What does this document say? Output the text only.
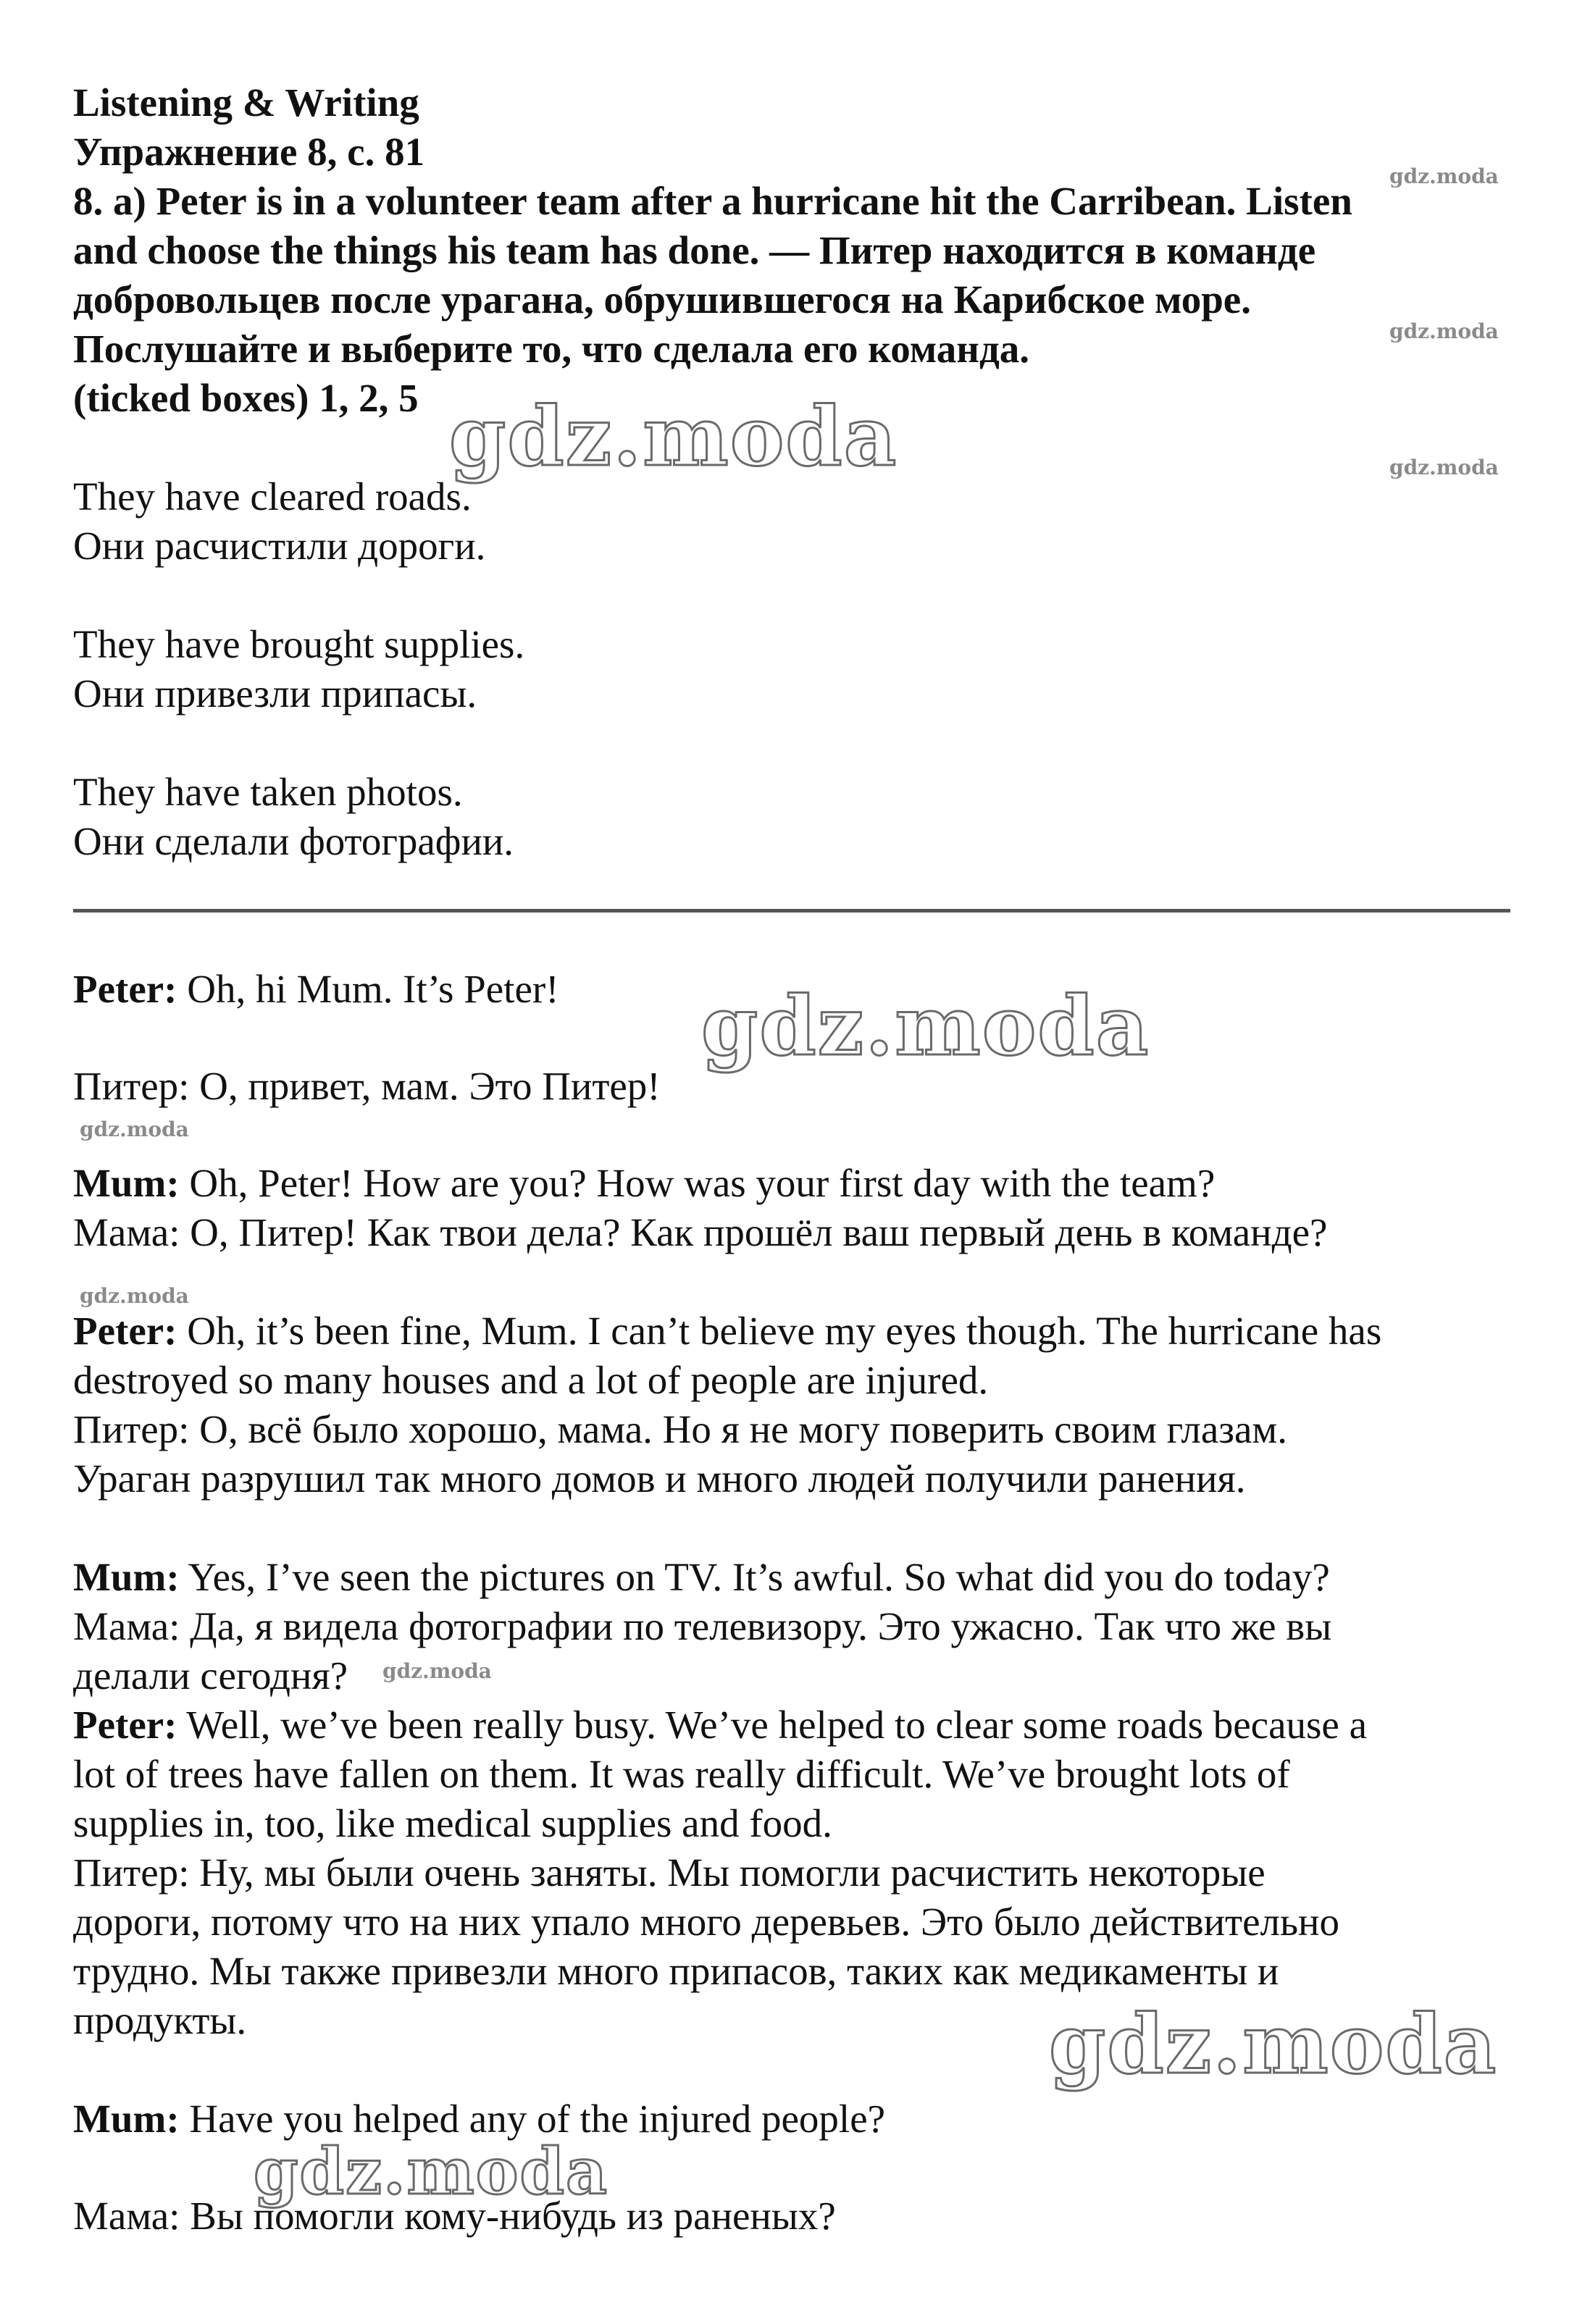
Listening & Writing
Упражнение 8, с. 81
8. a) Peter is in a volunteer team after a hurricane hit the Carribean. Listen
and choose the things his team has done. — Питер находится в команде
добровольцев после урагана, обрушившегося на Карибское море.
Послушайте и выберите то, что сделала его команда.
(ticked boxes) 1, 2, 5
They have cleared roads.
Они расчистили дороги.
They have brought supplies.
Они привезли припасы.
They have taken photos.
Они сделали фотографии.
Peter: Oh, hi Mum. It’s Peter!
Питер: О, привет, мам. Это Питер!
Mum: Oh, Peter! How are you? How was your first day with the team?
Мама: О, Питер! Как твои дела? Как прошёл ваш первый день в команде?
Peter: Oh, it’s been fine, Mum. I can’t believe my eyes though. The hurricane has
destroyed so many houses and a lot of people are injured.
Питер: О, всё было хорошо, мама. Но я не могу поверить своим глазам.
Ураган разрушил так много домов и много людей получили ранения.
Mum: Yes, I’ve seen the pictures on TV. It’s awful. So what did you do today?
Мама: Да, я видела фотографии по телевизору. Это ужасно. Так что же вы
делали сегодня?
Peter: Well, we’ve been really busy. We’ve helped to clear some roads because a
lot of trees have fallen on them. It was really difficult. We’ve brought lots of
supplies in, too, like medical supplies and food.
Питер: Ну, мы были очень заняты. Мы помогли расчистить некоторые
дороги, потому что на них упало много деревьев. Это было действительно
трудно. Мы также привезли много припасов, таких как медикаменты и
продукты.
Mum: Have you helped any of the injured people?
Мама: Вы помогли кому-нибудь из раненых?
gdz.moda
gdz.moda
gdz.moda
gdz.moda
gdz.moda
gdz.moda
gdz.moda
gdz.moda
gdz.moda
gdz.moda
